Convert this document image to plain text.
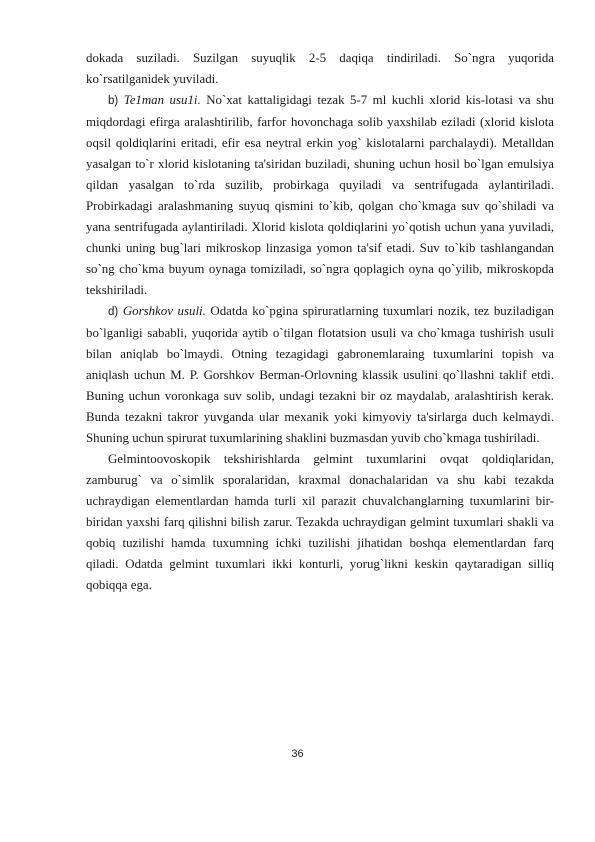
dokada suziladi. Suzilgan suyuqlik 2-5 daqiqa tindiriladi. So`ngra yuqorida ko`rsatilganidek yuviladi.

b) Te1man usu1i. No`xat kattaligidagi tezak 5-7 ml kuchli xlorid kis-lotasi va shu miqdordagi efirga aralashtirilib, farfor hovonchaga solib yaxshilab eziladi (xlorid kislota oqsil qoldiqlarini eritadi, efir esa neytral erkin yog` kislotalarni parchalaydi). Metalldan yasalgan to`r xlorid kislotaning ta'siridan buziladi, shuning uchun hosil bo`lgan emulsiya qildan yasalgan to`rda suzilib, probirkaga quyiladi va sentrifugada aylantiriladi. Probirkadagi aralashmaning suyuq qismini to`kib, qolgan cho`kmaga suv qo`shiladi va yana sentrifugada aylantiriladi. Xlorid kislota qoldiqlarini yo`qotish uchun yana yuviladi, chunki uning bug`lari mikroskop linzasiga yomon ta'sif etadi. Suv to`kib tashlangandan so`ng cho`kma buyum oynaga tomiziladi, so`ngra qoplagich oyna qo`yilib, mikroskopda tekshiriladi.

d) Gorshkov usuli. Odatda ko`pgina spiruratlarning tuxumlari nozik, tez buziladigan bo`lganligi sababli, yuqorida aytib o`tilgan flotatsion usuli va cho`kmaga tushirish usuli bilan aniqlab bo`lmaydi. Otning tezagidagi gabronemlaraing tuxumlarini topish va aniqlash uchun M. P. Gorshkov Berman-Orlovning klassik usulini qo`llashni taklif etdi. Buning uchun voronkaga suv solib, undagi tezakni bir oz maydalab, aralashtirish kerak. Bunda tezakni takror yuvganda ular mexanik yoki kimyoviy ta'sirlarga duch kelmaydi. Shuning uchun spirurat tuxumlarining shaklini buzmasdan yuvib cho`kmaga tushiriladi.

Gelmintoovoskopik tekshirishlarda gelmint tuxumlarini ovqat qoldiqlaridan, zamburug` va o`simlik sporalaridan, kraxmal donachalaridan va shu kabi tezakda uchraydigan elementlardan hamda turli xil parazit chuvalchanglarning tuxumlarini bir-biridan yaxshi farq qilishni bilish zarur. Tezakda uchraydigan gelmint tuxumlari shakli va qobiq tuzilishi hamda tuxumning ichki tuzilishi jihatidan boshqa elementlardan farq qiladi. Odatda gelmint tuxumlari ikki konturli, yorug`likni keskin qaytaradigan silliq qobiqqa ega.

36
